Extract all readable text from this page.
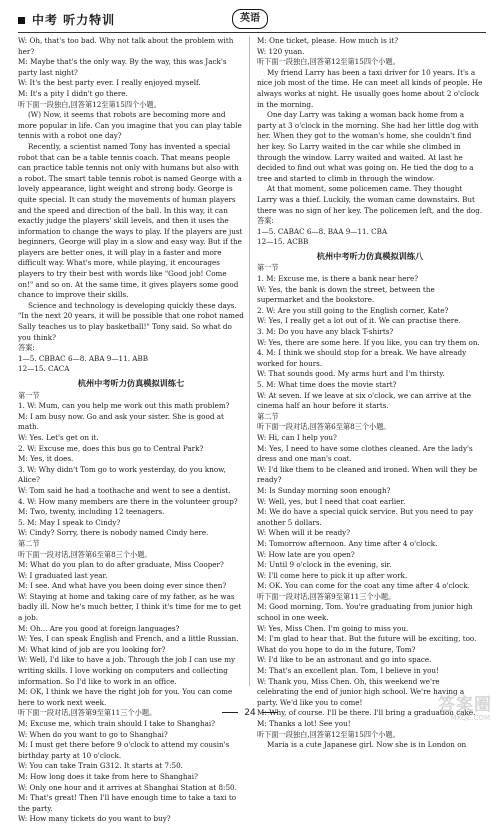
中考 听力特训	英语

W: Oh, that's too bad. Why not talk about the problem with her?

M: Maybe that's the only way. By the way, this was Jack's party last night?

W: It's the best party ever. I really enjoyed myself.

M: It's a pity I didn't go there.

听下面一段独白,回答第12至第15四个小题。

(W) Now, it seems that robots are becoming more and more popular in life. Can you imagine that you can play table tennis with a robot one day?

Recently, a scientist named Tony has invented a special robot that can be a table tennis coach. That means people can practice table tennis not only with humans but also with a robot. The smart table tennis robot is named George with a lovely appearance, light weight and strong body. George is quite special. It can study the movements of human players and the speed and direction of the ball. In this way, it can exactly judge the players' skill levels, and then it uses the information to change the ways to play. If the players are just beginners, George will play in a slow and easy way. But if the players are better ones, it will play in a faster and more difficult way. What's more, while playing, it encourages players to try their best with words like "Good job! Come on!" and so on. At the same time, it gives players some good chance to improve their skills.

Science and technology is developing quickly these days. "In the next 20 years, it will be possible that one robot named Sally teaches us to play basketball!" Tony said. So what do you think?

答案:

1—5. CBBAC 6—8. ABA 9—11. ABB

12—15. CACA

杭州中考听力仿真模拟训练七

第一节

1. W: Mum, can you help me work out this math problem?

M: I am busy now. Go and ask your sister. She is good at math.

W: Yes. Let's get on it.

2. W: Excuse me, does this bus go to Central Park?

M: Yes, it does.

3. W: Why didn't Tom go to work yesterday, do you know, Alice?

W: Tom said he had a toothache and went to see a dentist.

4. W: How many members are there in the volunteer group?

M: Two, twenty, including 12 teenagers.

5. M: May I speak to Cindy?

W: Cindy? Sorry, there is nobody named Cindy here.

第二节

听下面一段对话,回答第6至第8三个小题。

M: What do you plan to do after graduate, Miss Cooper?

W: I graduated last year.

M: I see. And what have you been doing ever since then?

W: Staying at home and taking care of my father, as he was badly ill. Now he's much better, I think it's time for me to get a job.

M: Oh... Are you good at foreign languages?

W: Yes, I can speak English and French, and a little Russian.

M: What kind of job are you looking for?

W: Well, I'd like to have a job. Through the job I can use my writing skills. I love working on computers and collecting information. So I'd like to work in an office.

M: OK, I think we have the right job for you. You can come here to work next week.

听下面一段对话,回答第9至第11三个小题。

M: Excuse me, which train should I take to Shanghai?

W: When do you want to go to Shanghai?

M: I must get there before 9 o'clock to attend my cousin's birthday party at 10 o'clock.

W: You can take Train G312. It starts at 7:50.

M: How long does it take from here to Shanghai?

W: Only one hour and it arrives at Shanghai Station at 8:50.

M: That's great! Then I'll have enough time to take a taxi to the party.

W: How many tickets do you want to buy?

M: One ticket, please. How much is it?

W: 120 yuan.

听下面一段独白,回答第12至第15四个小题。

My friend Larry has been a taxi driver for 10 years. It's a nice job most of the time. He can meet all kinds of people. He always works at night. He usually goes home about 2 o'clock in the morning.

One day Larry was taking a woman back home from a party at 3 o'clock in the morning. She had her little dog with her. When they got to the woman's home, she couldn't find her key. So Larry waited in the car while she climbed in through the window. Larry waited and waited. At last he decided to find out what was going on. He tied the dog to a tree and started to climb in through the window.

At that moment, some policemen came. They thought Larry was a thief. Luckily, the woman came downstairs. But there was no sign of her key. The policemen left, and the dog.

答案:

1—5. CABAC 6—8. BAA 9—11. CBA

12—15. ACBB

杭州中考听力仿真模拟训练八

第一节

1. M: Excuse me, is there a bank near here?

W: Yes, the bank is down the street, between the supermarket and the bookstore.

2. W: Are you still going to the English corner, Kate?

W: Yes, I really get a lot out of it. We can practise there.

3. M: Do you have any black T-shirts?

W: Yes, there are some here. If you like, you can try them on.

4. M: I think we should stop for a break. We have already worked for hours.

W: That sounds good. My arms hurt and I'm thirsty.

5. M: What time does the movie start?

W: At seven. If we leave at six o'clock, we can arrive at the cinema half an hour before it starts.

第二节

听下面一段对话,回答第6至第8三个小题。

W: Hi, can I help you?

M: Yes, I need to have some clothes cleaned. Are the lady's dress and one man's coat.

W: I'd like them to be cleaned and ironed. When will they be ready?

M: Is Sunday morning soon enough?

W: Well, yes, but I need that coat earlier.

M: We do have a special quick service. But you need to pay another 5 dollars.

W: When will it be ready?

M: Tomorrow afternoon. Any time after 4 o'clock.

W: How late are you open?

M: Until 9 o'clock in the evening, sir.

W: I'll come here to pick it up after work.

M: OK. You can come for the coat any time after 4 o'clock.

听下面一段对话,回答第9至第11三个小题。

M: Good morning, Tom. You're graduating from junior high school in one week.

W: Yes, Miss Chen. I'm going to miss you.

M: I'm glad to hear that. But the future will be exciting, too. What do you hope to do in the future, Tom?

W: I'd like to be an astronaut and go into space.

M: That's an excellent plan. Tom, I believe in you!

W: Thank you, Miss Chen. Oh, this weekend we're celebrating the end of junior high school. We're having a party. We'd like you to come!

M: Why, of course. I'll be there. I'll bring a graduation cake.

M: Thanks a lot! See you!

听下面一段独白,回答第12至第15四个小题。

Maria is a cute Japanese girl. Now she is in London on

24	答案圈
MXQE.COM
